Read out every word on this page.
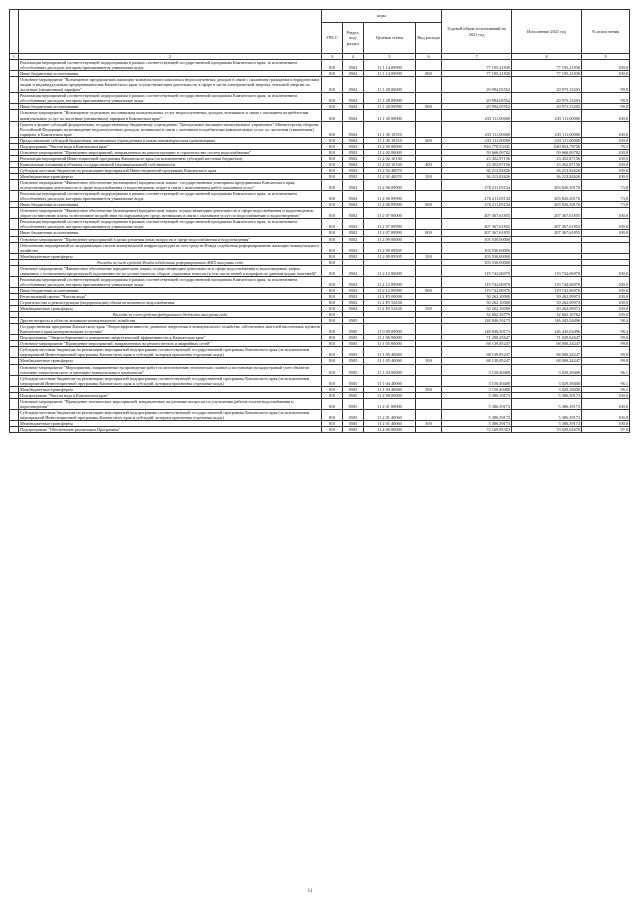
		коды				Годовой объем ассигнований на 2021 год	Исполнение 2021 год	% испол нения
		ГРБ С	Раздел, под-раздел	Целевая статья	Вид расхода			
1	2	3	4	5	6	7	8	9
	Реализация мероприятий соответствующей подпрограммы в рамках соответствующей государственной программы Камчатского края, за исключением обособленных расходов, которым присваиваются уникальные коды	810	0502	11 1 14 09990		77 195,21830	77 195,21830	100,0
	Иные бюджетные ассигнования	810	0502	11 1 14 09990	800	77 195,21830	77 195,21830	100,0
	Основное мероприятие "Возмещение предприятиям жилищно-коммунального комплекса недополученных доходов в связи с оказанием гражданам и юридическим лицам и индивидуальным предпринимателям Камчатского края, осуществляющим деятельность в сфере в части электрической энергии, тепловой энергии по льготным (сниженным) тарифам"	810	0502	11 1 28 00000		20 994,05552	20 975,13203	99,9
	Реализация мероприятий соответствующей подпрограммы в рамках соответствующей государственной программы Камчатского края, за исключением обособленных расходов, которым присваиваются уникальные коды	810	0502	11 1 28 09990		20 994,05552	20 975,13203	99,9
	Иные бюджетные ассигнования	810	0502	11 1 28 09990	800	20 994,05552	20 975,13203	99,9
	Основное мероприятие "Возмещение отдельным поставщикам коммунальных услуг недополученных доходов, возникших в связи с оказанием потребителям коммунальных услуг по льготным (сниженным) тарифам в Камчатском крае"	810	0502	11 1 30 00000		233 111,00000	233 111,00000	100,0
	Гранты в форме субсидий федеральному государственному бюджетному учреждению "Центральное жилищно-коммунальное управление" Министерства обороны Российской Федерации на возмещение недополученных доходов, возникших в связи с оказанием потребителям коммунальных услуг по льготным (сниженным) тарифам, в Камчатском крае	810	0502	11 1 30 10310		233 111,00000	233 111,00000	100,0
	Предоставление субсидий бюджетным, автономным учреждениям и иным некоммерческим организациям	810	0502	11 1 30 10310	600	233 111,00000	233 111,00000	100,0
	Подпрограмма "Чистая вода в Камчатском крае"	810	0502	11 2 00 00000		816 779,53341	640 854,78756	78,5
	Основное мероприятие "Проведение мероприятий, направленных на реконструкцию и строительство систем водоснабжения"	810	0502	11 2 02 00000		59 666,09782	59 666,09782	100,0
	Реализация мероприятий Инвестиционной программы Камчатского края (за исключением субсидий местным бюджетам)	810	0502	11 2 02 10130		23 452,87156	23 452,87156	100,0
	Капитальные вложения в объекты государственной (муниципальной) собственности	810	0502	11 2 02 10130	400	23 452,87156	23 452,87156	100,0
	Субсидии местным бюджетам на реализацию мероприятий Инвестиционной программы Камчатского края	810	0502	11 2 02 40070		36 213,82626	36 213,82626	100,0
	Межбюджетные трансферты	810	0502	11 2 02 40070	500	36 213,82626	36 213,82626	100,0
	Основное мероприятие "Финансовое обеспечение (возмещение) юридическим лицам - государственным унитарным предприятиям Камчатского края, осуществляющим деятельность в сфере водоснабжения и водоотведения, затрат в связи с выполнением работ, оказанием услуг"	810	0502	11 2 06 00000		276 211,05134	203 826,30176	73,8
	Реализация мероприятий соответствующей подпрограммы в рамках соответствующей государственной программы Камчатского края, за исключением обособленных расходов, которым присваиваются уникальные коды	810	0502	11 2 06 09990		276 211,05134	203 826,30176	73,8
	Иные бюджетные ассигнования	810	0502	11 2 06 09990	800	276 211,05134	203 826,30176	73,8
	Основное мероприятие "Финансовое обеспечение (возмещение) юридическим лицам, осуществляющим деятельность в сфере водоснабжения и водоотведения, затрат по внесению платы за негативное воздействие на окружающую среду, возникших в связи с оказанием услуг по водоснабжению и водоотведению"	810	0502	11 2 07 00000		207 367,61855	207 367,61855	100,0
	Реализация мероприятий соответствующей подпрограммы в рамках соответствующей государственной программы Камчатского края, за исключением обособленных расходов, которым присваиваются уникальные коды	810	0502	11 2 07 09990		207 367,61855	207 367,61855	100,0
	Иные бюджетные ассигнования	810	0502	11 2 07 09990	800	207 367,61855	207 367,61855	100,0
	Основное мероприятие "Проведение мероприятий в целях решения иных вопросов в сфере водоснабжения и водоотведения"	810	0502	11 2 09 00000		103 530,00000		
	Обеспечение мероприятий по модернизации систем коммунальной инфраструктуры за счет средств Фонда содействия реформированию жилищно-коммунального хозяйства	810	0502	11 2 09 09505		103 530,00000		
	Межбюджетные трансферты	810	0502	11 2 09 09505	500	103 530,00000		
	Расходы за счет средств Фонда содействия реформированию ЖКХ внесуммы года	810				103 530,00000		
	Основное мероприятие "Финансовое обеспечение юридическим лицам, осуществляющим деятельность в сфере водоснабжения и водоотведения, затрат, связанных с погашением кредиторской задолженности по уплате налогов, сборов, страховых взносов (в том числе пеней и штрафов по данным видам платежей)"	810	0502	11 2 12 00000		119 742,06970	119 742,06970	100,0
	Реализация мероприятий соответствующей подпрограммы в рамках соответствующей государственной программы Камчатского края, за исключением обособленных расходов, которым присваиваются уникальные коды	810	0502	11 2 12 09990		119 742,06970	119 742,06970	100,0
	Иные бюджетные ассигнования	810	0502	11 2 12 09990	800	119 742,06970	119 742,06970	100,0
	Региональный проект "Чистая вода"	810	0502	11 2 F5 00000		50 262,10000	50 262,09973	100,0
	Строительство и реконструкция (модернизация) объектов питьевого водоснабжения	810	0502	11 2 F5 52430		50 262,10000	50 262,09973	100,0
	Межбюджетные трансферты	810	0502	11 2 F5 52430	500	50 262,10000	50 262,09973	100,0
	Расходы за счет средств федерального бюджета внесуммы года	810				32 662,16779	32 662,16762	100,0
	Другие вопросы в области жилищно-коммунального хозяйства	810	0505			148 846,50173	146 445,04496	98,4
	Государственная программа Камчатского края "Энергоэффективность, развитие энергетики и коммунального хозяйства, обеспечение жителей населенных пунктов Камчатского края коммунальными услугами"	810	0505	11 0 00 00000		148 846,50173	146 445,04496	98,4
	Подпрограмма "Энергосбережение и повышение энергетической эффективности в Камчатском крае"	810	0505	11 1 00 00000		71 290,25647	71 029,62647	99,6
	Основное мероприятие "Проведение мероприятий, направленных на ремонт ветхих и аварийных сетей"	810	0505	11 1 05 00000		68 139,85247	68 000,24247	99,8
	Субсидии местным бюджетам на реализацию мероприятий подпрограммы соответствующей государственной программы Камчатского края (за исключением мероприятий Инвестиционной программы Камчатского края и субсидий, которым присвоены отдельные коды)	810	0505	11 1 05 40060		68 139,85247	68 000,24247	99,8
	Межбюджетные трансферты	810	0505	11 1 05 40060	500	68 139,85247	68 000,24247	99,8
	Основное мероприятие "Мероприятия, направленные на проведение работ по изготовлению технических планов и постановке на кадастровый учет объектов топливно-энергетического и жилищно-коммунального комплексов"	810	0505	11 1 04 00000		3 150,40400	3 029,38400	96,1
	Субсидии местным бюджетам на реализацию мероприятий подпрограммы соответствующей государственной программы Камчатского края (за исключением мероприятий Инвестиционной программы Камчатского края и субсидий, которым присвоены отдельные коды)	810	0505	11 1 04 40060		3 150,40400	3 029,38400	96,1
	Межбюджетные трансферты	810	0505	11 1 04 40060	500	3 150,40400	3 029,38400	96,1
	Подпрограмма "Чистая вода в Камчатском крае"	810	0505	11 2 00 00000		5 386,39173	5 386,39173	100,0
	Основное мероприятие "Проведение технических мероприятий, направленных на решение вопросов по улучшению работы систем водоснабжения и водоотведения"	810	0505	11 2 01 00000		5 386,39173	5 386,39173	100,0
	Субсидии местным бюджетам на реализацию мероприятий подпрограммы соответствующей государственной программы Камчатского края (за исключением мероприятий Инвестиционной программы Камчатского края и субсидий, которым присвоены отдельные коды)	810	0505	11 2 01 40060		5 386,39173	5 386,39173	100,0
	Межбюджетные трансферты	810	0505	11 2 01 40060	500	5 386,39173	5 386,39173	100,0
	Подпрограмма "Обеспечение реализации Программы"	810	0505	11 4 00 00000		72 169,85353	70 029,02676	97,0
11
